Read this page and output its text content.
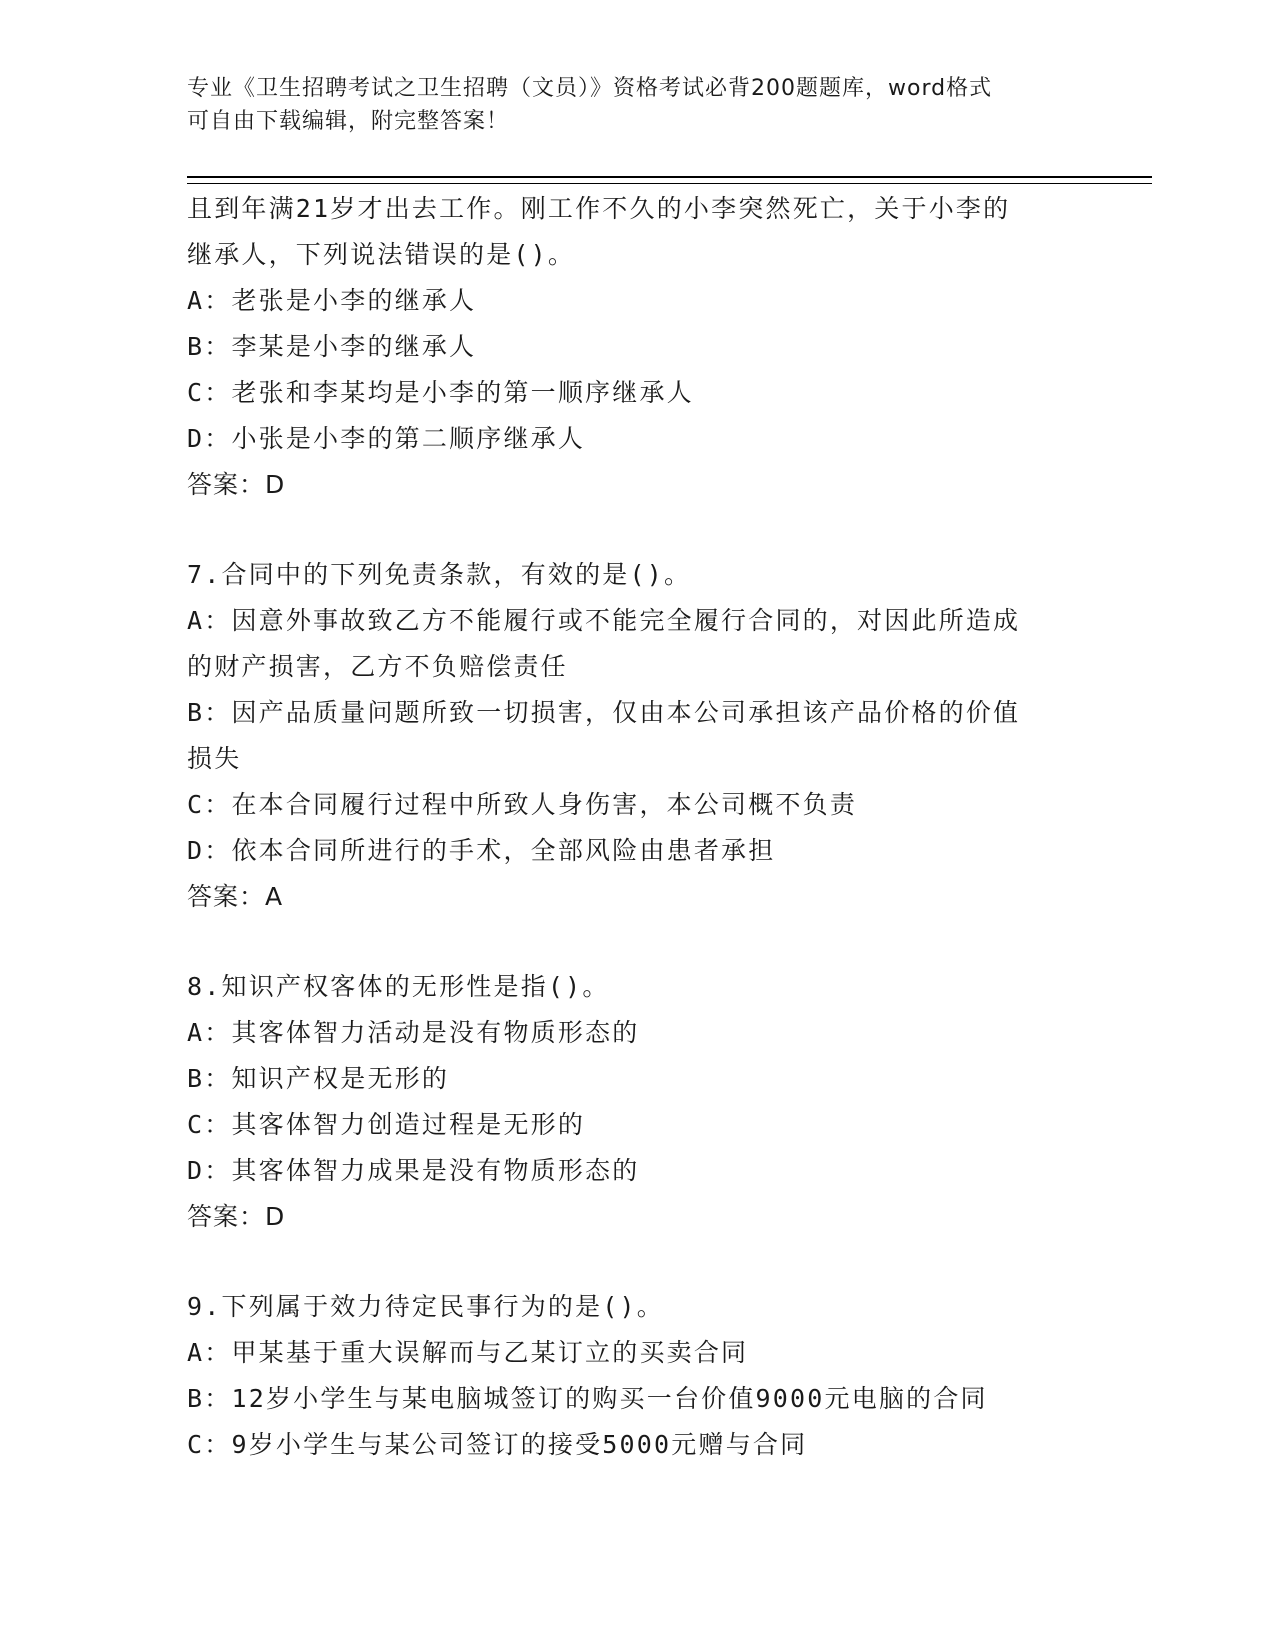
专业《卫生招聘考试之卫生招聘（文员）》资格考试必背200题题库，word格式
可自由下载编辑，附完整答案！
且到年满21岁才出去工作。刚工作不久的小李突然死亡，关于小李的
继承人，下列说法错误的是()。
A：老张是小李的继承人
B：李某是小李的继承人
C：老张和李某均是小李的第一顺序继承人
D：小张是小李的第二顺序继承人
答案：D
7.合同中的下列免责条款，有效的是()。
A：因意外事故致乙方不能履行或不能完全履行合同的，对因此所造成
的财产损害，乙方不负赔偿责任
B：因产品质量问题所致一切损害，仅由本公司承担该产品价格的价值
损失
C：在本合同履行过程中所致人身伤害，本公司概不负责
D：依本合同所进行的手术，全部风险由患者承担
答案：A
8.知识产权客体的无形性是指()。
A：其客体智力活动是没有物质形态的
B：知识产权是无形的
C：其客体智力创造过程是无形的
D：其客体智力成果是没有物质形态的
答案：D
9.下列属于效力待定民事行为的是()。
A：甲某基于重大误解而与乙某订立的买卖合同
B：12岁小学生与某电脑城签订的购买一台价值9000元电脑的合同
C：9岁小学生与某公司签订的接受5000元赠与合同
